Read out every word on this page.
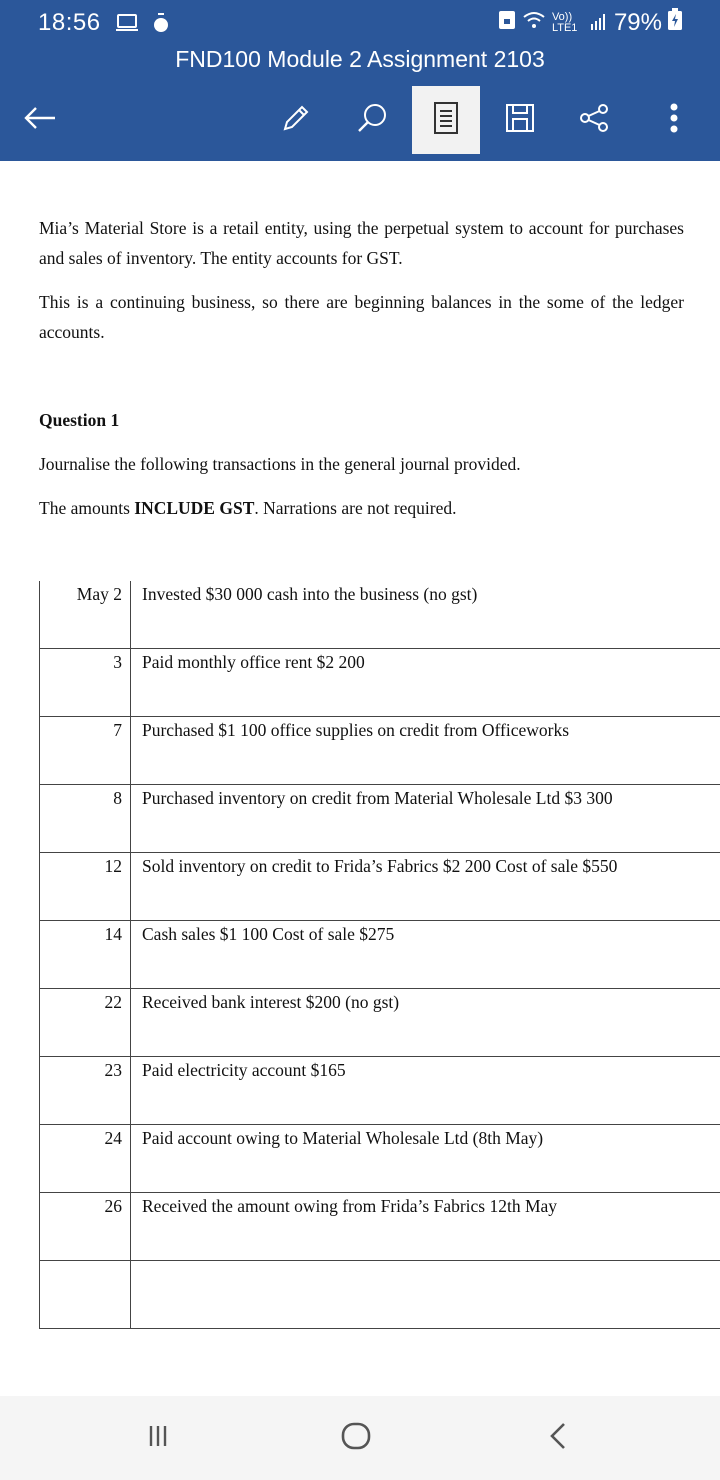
18:56	Vo)) LTE1 79%
FND100 Module 2 Assignment 2103
Mia’s Material Store is a retail entity, using the perpetual system to account for purchases and sales of inventory. The entity accounts for GST.
This is a continuing business, so there are beginning balances in the some of the ledger accounts.
Question 1
Journalise the following transactions in the general journal provided.
The amounts INCLUDE GST. Narrations are not required.
May 2	Invested $30 000 cash into the business (no gst)
3	Paid monthly office rent $2 200
7	Purchased $1 100 office supplies on credit from Officeworks
8	Purchased inventory on credit from Material Wholesale Ltd $3 300
12	Sold inventory on credit to Frida’s Fabrics $2 200 Cost of sale $550
14	Cash sales $1 100 Cost of sale $275
22	Received bank interest $200 (no gst)
23	Paid electricity account $165
24	Paid account owing to Material Wholesale Ltd (8th May)
26	Received the amount owing from Frida’s Fabrics 12th May
